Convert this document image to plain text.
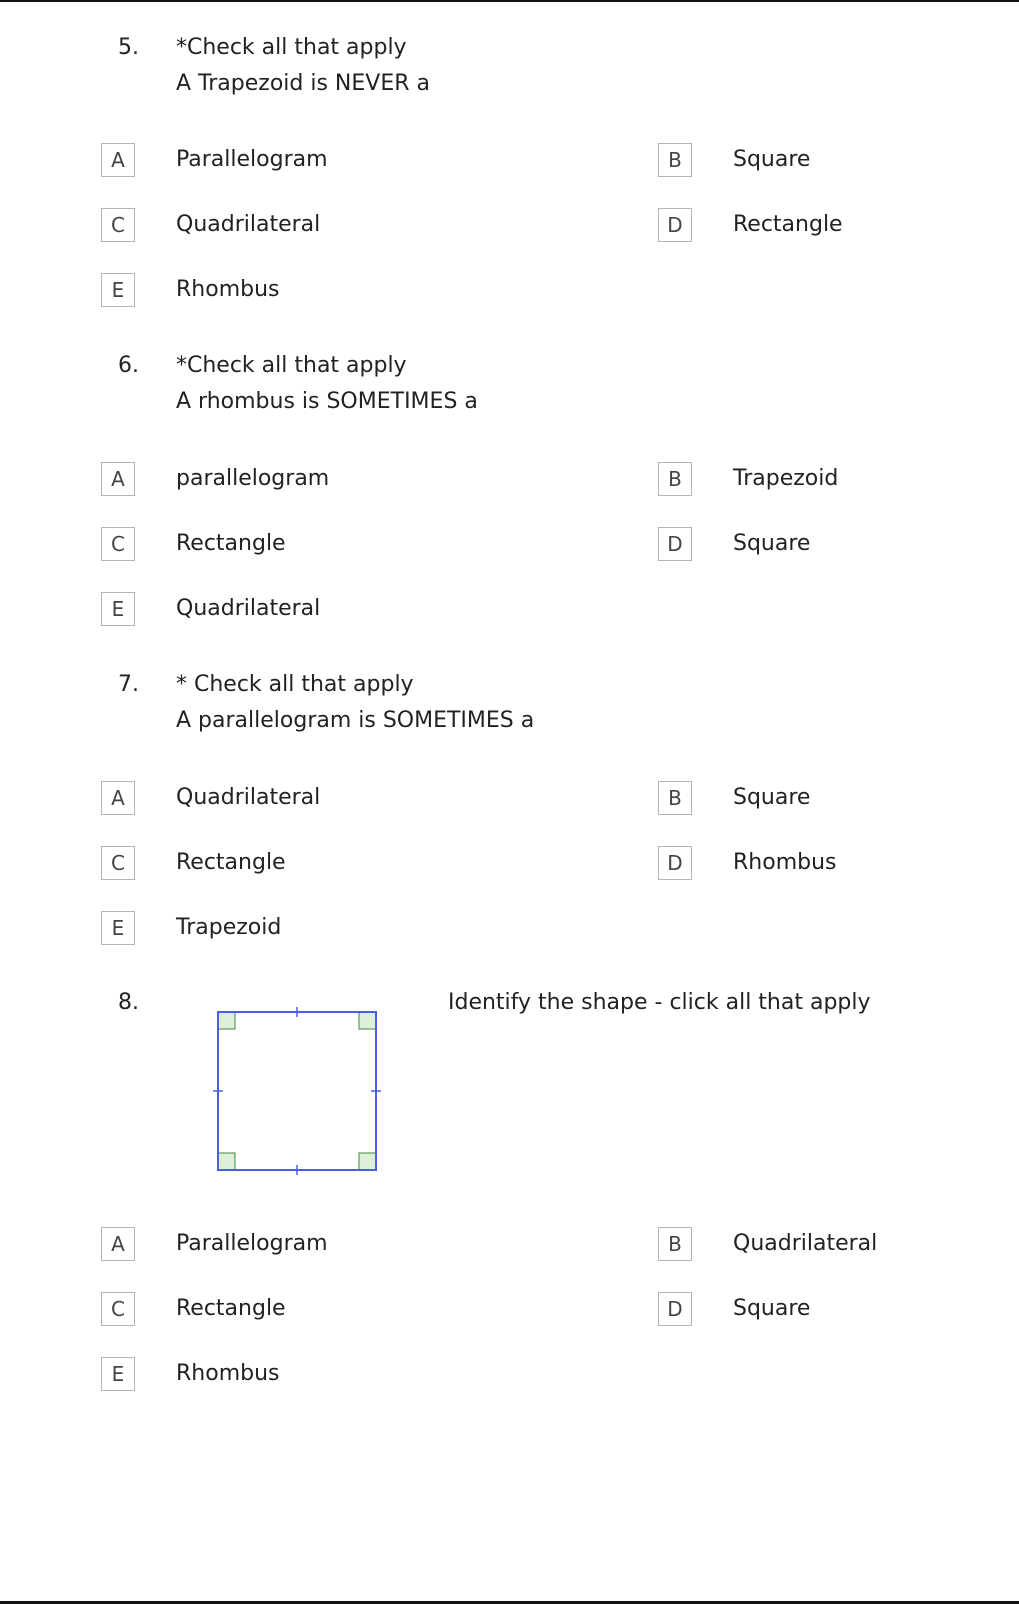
5. *Check all that apply
A Trapezoid is NEVER a
A	Parallelogram	B	Square
C	Quadrilateral	D	Rectangle
E	Rhombus
6. *Check all that apply
A rhombus is SOMETIMES a
A	parallelogram	B	Trapezoid
C	Rectangle	D	Square
E	Quadrilateral
7. * Check all that apply
A parallelogram is SOMETIMES a
A	Quadrilateral	B	Square
C	Rectangle	D	Rhombus
E	Trapezoid
8.	Identify the shape - click all that apply
A	Parallelogram	B	Quadrilateral
C	Rectangle	D	Square
E	Rhombus
